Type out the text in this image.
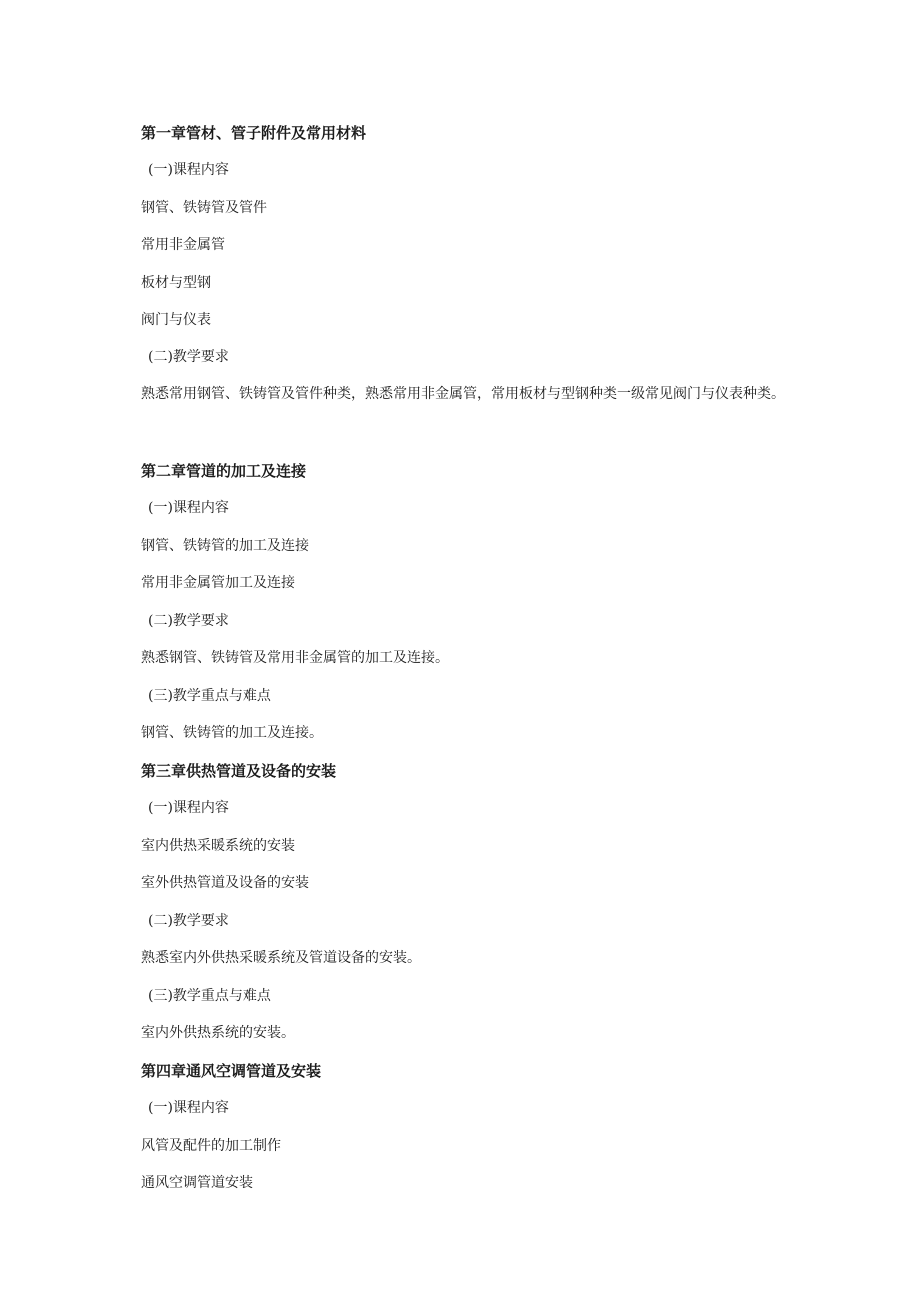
第一章管材、管子附件及常用材料
(一)课程内容
钢管、铁铸管及管件
常用非金属管
板材与型钢
阀门与仪表
(二)教学要求
熟悉常用钢管、铁铸管及管件种类，熟悉常用非金属管，常用板材与型钢种类一级常见阀门与仪表种类。
第二章管道的加工及连接
(一)课程内容
钢管、铁铸管的加工及连接
常用非金属管加工及连接
(二)教学要求
熟悉钢管、铁铸管及常用非金属管的加工及连接。
(三)教学重点与难点
钢管、铁铸管的加工及连接。
第三章供热管道及设备的安装
(一)课程内容
室内供热采暖系统的安装
室外供热管道及设备的安装
(二)教学要求
熟悉室内外供热采暖系统及管道设备的安装。
(三)教学重点与难点
室内外供热系统的安装。
第四章通风空调管道及安装
(一)课程内容
风管及配件的加工制作
通风空调管道安装
